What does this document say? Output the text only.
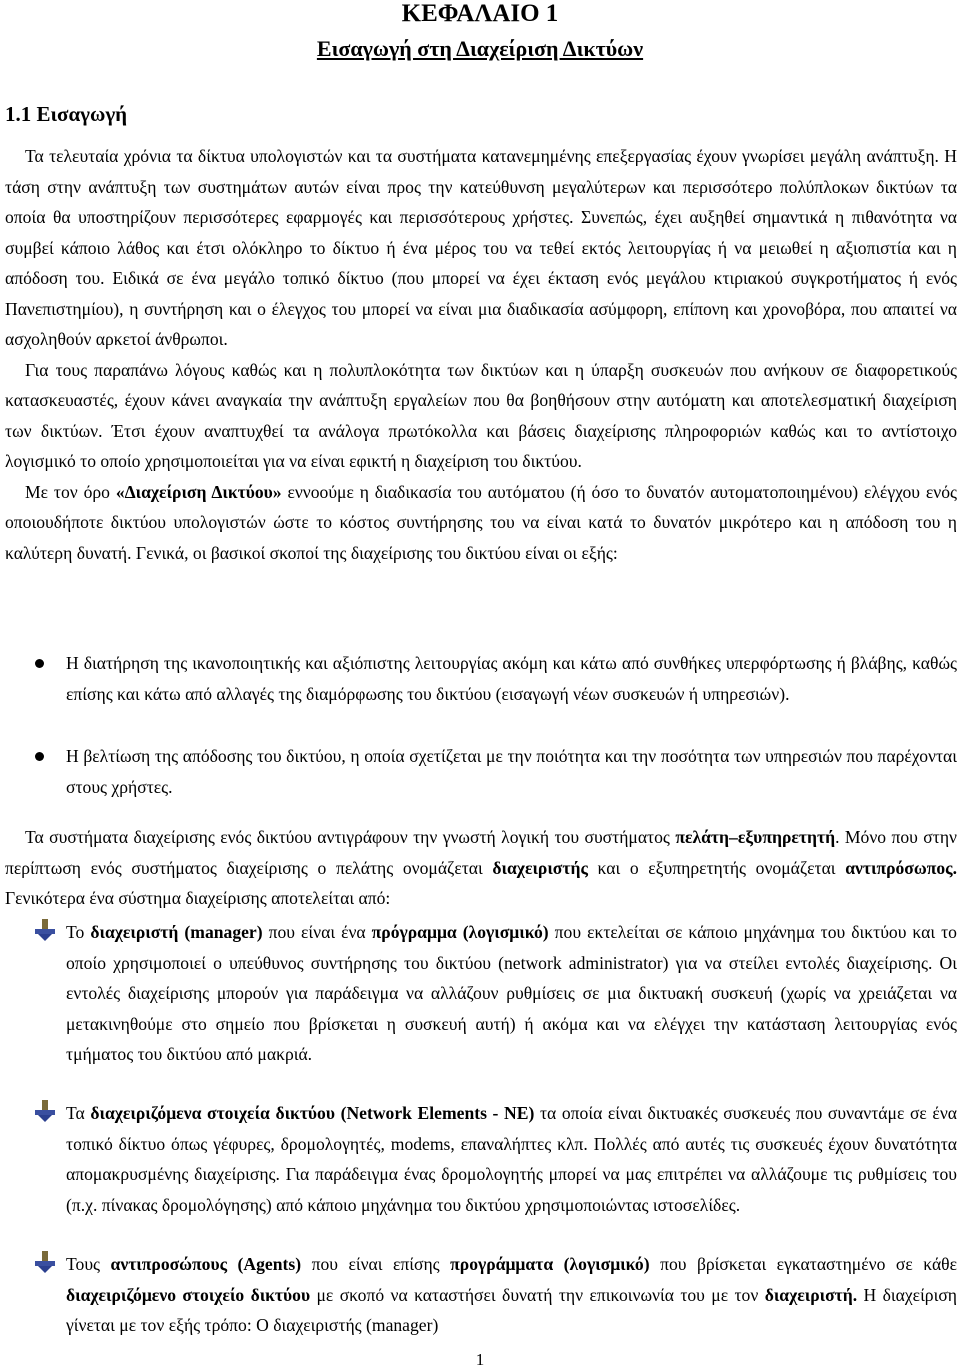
ΚΕΦΑΛΑΙΟ 1
Εισαγωγή στη Διαχείριση Δικτύων
1.1 Εισαγωγή

Τα τελευταία χρόνια τα δίκτυα υπολογιστών και τα συστήματα κατανεμημένης επεξεργασίας έχουν γνωρίσει μεγάλη ανάπτυξη. Η τάση στην ανάπτυξη των συστημάτων αυτών είναι προς την κατεύθυνση μεγαλύτερων και περισσότερο πολύπλοκων δικτύων τα οποία θα υποστηρίζουν περισσότερες εφαρμογές και περισσότερους χρήστες. Συνεπώς, έχει αυξηθεί σημαντικά η πιθανότητα να συμβεί κάποιο λάθος και έτσι ολόκληρο το δίκτυο ή ένα μέρος του να τεθεί εκτός λειτουργίας ή να μειωθεί η αξιοπιστία και η απόδοση του. Ειδικά σε ένα μεγάλο τοπικό δίκτυο (που μπορεί να έχει έκταση ενός μεγάλου κτιριακού συγκροτήματος ή ενός Πανεπιστημίου), η συντήρηση και ο έλεγχος του μπορεί να είναι μια διαδικασία ασύμφορη, επίπονη και χρονοβόρα, που απαιτεί να ασχοληθούν αρκετοί άνθρωποι.

Για τους παραπάνω λόγους καθώς και η πολυπλοκότητα των δικτύων και η ύπαρξη συσκευών που ανήκουν σε διαφορετικούς κατασκευαστές, έχουν κάνει αναγκαία την ανάπτυξη εργαλείων που θα βοηθήσουν στην αυτόματη και αποτελεσματική διαχείριση των δικτύων. Έτσι έχουν αναπτυχθεί τα ανάλογα πρωτόκολλα και βάσεις διαχείρισης πληροφοριών καθώς και το αντίστοιχο λογισμικό το οποίο χρησιμοποιείται για να είναι εφικτή η διαχείριση του δικτύου.

Με τον όρο «Διαχείριση Δικτύου» εννοούμε η διαδικασία του αυτόματου (ή όσο το δυνατόν αυτοματοποιημένου) ελέγχου ενός οποιουδήποτε δικτύου υπολογιστών ώστε το κόστος συντήρησης του να είναι κατά το δυνατόν μικρότερο και η απόδοση του η καλύτερη δυνατή. Γενικά, οι βασικοί σκοποί της διαχείρισης του δικτύου είναι οι εξής:

Η διατήρηση της ικανοποιητικής και αξιόπιστης λειτουργίας ακόμη και κάτω από συνθήκες υπερφόρτωσης ή βλάβης, καθώς επίσης και κάτω από αλλαγές της διαμόρφωσης του δικτύου (εισαγωγή νέων συσκευών ή υπηρεσιών).
Η βελτίωση της απόδοσης του δικτύου, η οποία σχετίζεται με την ποιότητα και την ποσότητα των υπηρεσιών που παρέχονται στους χρήστες.

Τα συστήματα διαχείρισης ενός δικτύου αντιγράφουν την γνωστή λογική του συστήματος πελάτη–εξυπηρετητή. Μόνο που στην περίπτωση ενός συστήματος διαχείρισης ο πελάτης ονομάζεται διαχειριστής και ο εξυπηρετητής ονομάζεται αντιπρόσωπος. Γενικότερα ένα σύστημα διαχείρισης αποτελείται από:

Το διαχειριστή (manager) που είναι ένα πρόγραμμα (λογισμικό) που εκτελείται σε κάποιο μηχάνημα του δικτύου και το οποίο χρησιμοποιεί ο υπεύθυνος συντήρησης του δικτύου (network administrator) για να στείλει εντολές διαχείρισης. Οι εντολές διαχείρισης μπορούν για παράδειγμα να αλλάζουν ρυθμίσεις σε μια δικτυακή συσκευή (χωρίς να χρειάζεται να μετακινηθούμε στο σημείο που βρίσκεται η συσκευή αυτή) ή ακόμα και να ελέγχει την κατάσταση λειτουργίας ενός τμήματος του δικτύου από μακριά.
Τα διαχειριζόμενα στοιχεία δικτύου (Network Elements - NE) τα οποία είναι δικτυακές συσκευές που συναντάμε σε ένα τοπικό δίκτυο όπως γέφυρες, δρομολογητές, modems, επαναλήπτες κλπ. Πολλές από αυτές τις συσκευές έχουν δυνατότητα απομακρυσμένης διαχείρισης. Για παράδειγμα ένας δρομολογητής μπορεί να μας επιτρέπει να αλλάζουμε τις ρυθμίσεις του (π.χ. πίνακας δρομολόγησης) από κάποιο μηχάνημα του δικτύου χρησιμοποιώντας ιστοσελίδες.
Τους αντιπροσώπους (Agents) που είναι επίσης προγράμματα (λογισμικό) που βρίσκεται εγκαταστημένο σε κάθε διαχειριζόμενο στοιχείο δικτύου με σκοπό να καταστήσει δυνατή την επικοινωνία του με τον διαχειριστή. Η διαχείριση γίνεται με τον εξής τρόπο: Ο διαχειριστής (manager)
1
